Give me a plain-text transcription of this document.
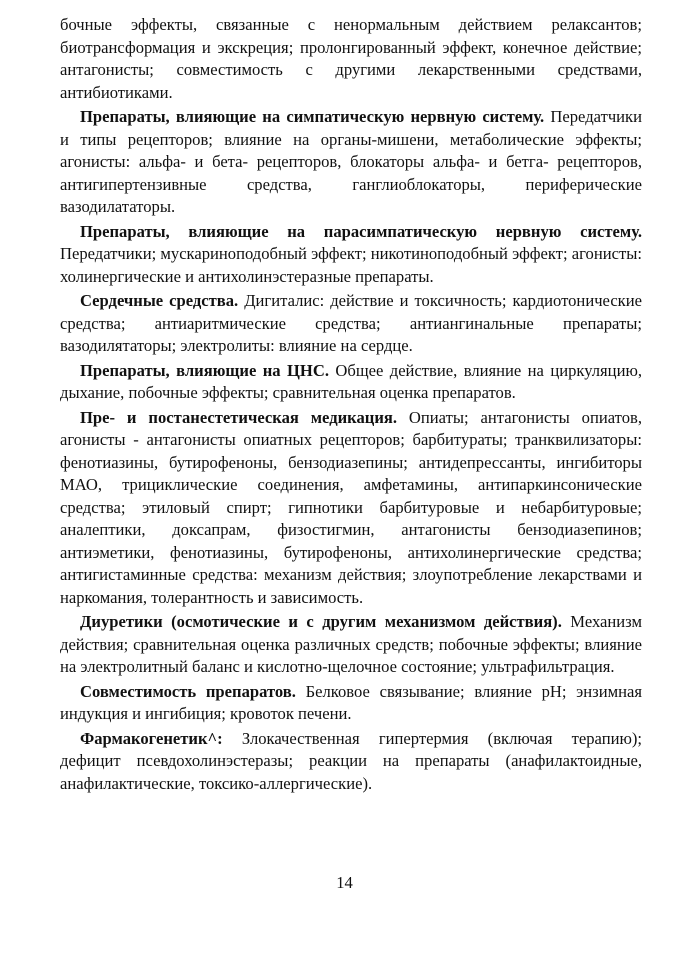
бочные эффекты, связанные с ненормальным действием релаксантов; биотрансформация и экскреция; пролонгированный эффект, конечное действие; антагонисты; совместимость с другими лекарственными средствами, антибиотиками.

Препараты, влияющие на симпатическую нервную систему. Передатчики и типы рецепторов; влияние на органы-мишени, метаболические эффекты; агонисты: альфа- и бета- рецепторов, блокаторы альфа- и бетга- рецепторов, антигипертензивные средства, ганглиоблокаторы, периферические вазодилататоры.

Препараты, влияющие на парасимпатическую нервную систему. Передатчики; мускариноподобный эффект; никотиноподобный эффект; агонисты: холинергические и антихолинэстеразные препараты.

Сердечные средства. Дигиталис: действие и токсичность; кардиотонические средства; антиаритмические средства; антиангинальные препараты; вазодилятаторы; электролиты: влияние на сердце.

Препараты, влияющие на ЦНС. Общее действие, влияние на циркуляцию, дыхание, побочные эффекты; сравнительная оценка препаратов.

Пре- и постанестетическая медикация. Опиаты; антагонисты опиатов, агонисты - антагонисты опиатных рецепторов; барбитураты; транквилизаторы: фенотиазины, бутирофеноны, бензодиазепины; антидепрессанты, ингибиторы МАО, трициклические соединения, амфетамины, антипаркинсонические средства; этиловый спирт; гипнотики барбитуровые и небарбитуровые; аналептики, доксапрам, физостигмин, антагонисты бензодиазепинов; антиэметики, фенотиазины, бутирофеноны, антихолинергические средства; антигистаминные средства: механизм действия; злоупотребление лекарствами и наркомания, толерантность и зависимость.

Диуретики (осмотические и с другим механизмом действия). Механизм действия; сравнительная оценка различных средств; побочные эффекты; влияние на электролитный баланс и кислотно-щелочное состояние; ультрафильтрация.

Совместимость препаратов. Белковое связывание; влияние рН; энзимная индукция и ингибиция; кровоток печени.

Фармакогенетик^: Злокачественная гипертермия (включая терапию); дефицит псевдохолинэстеразы; реакции на препараты (анафилактоидные, анафилактические, токсико-аллергические).

14
